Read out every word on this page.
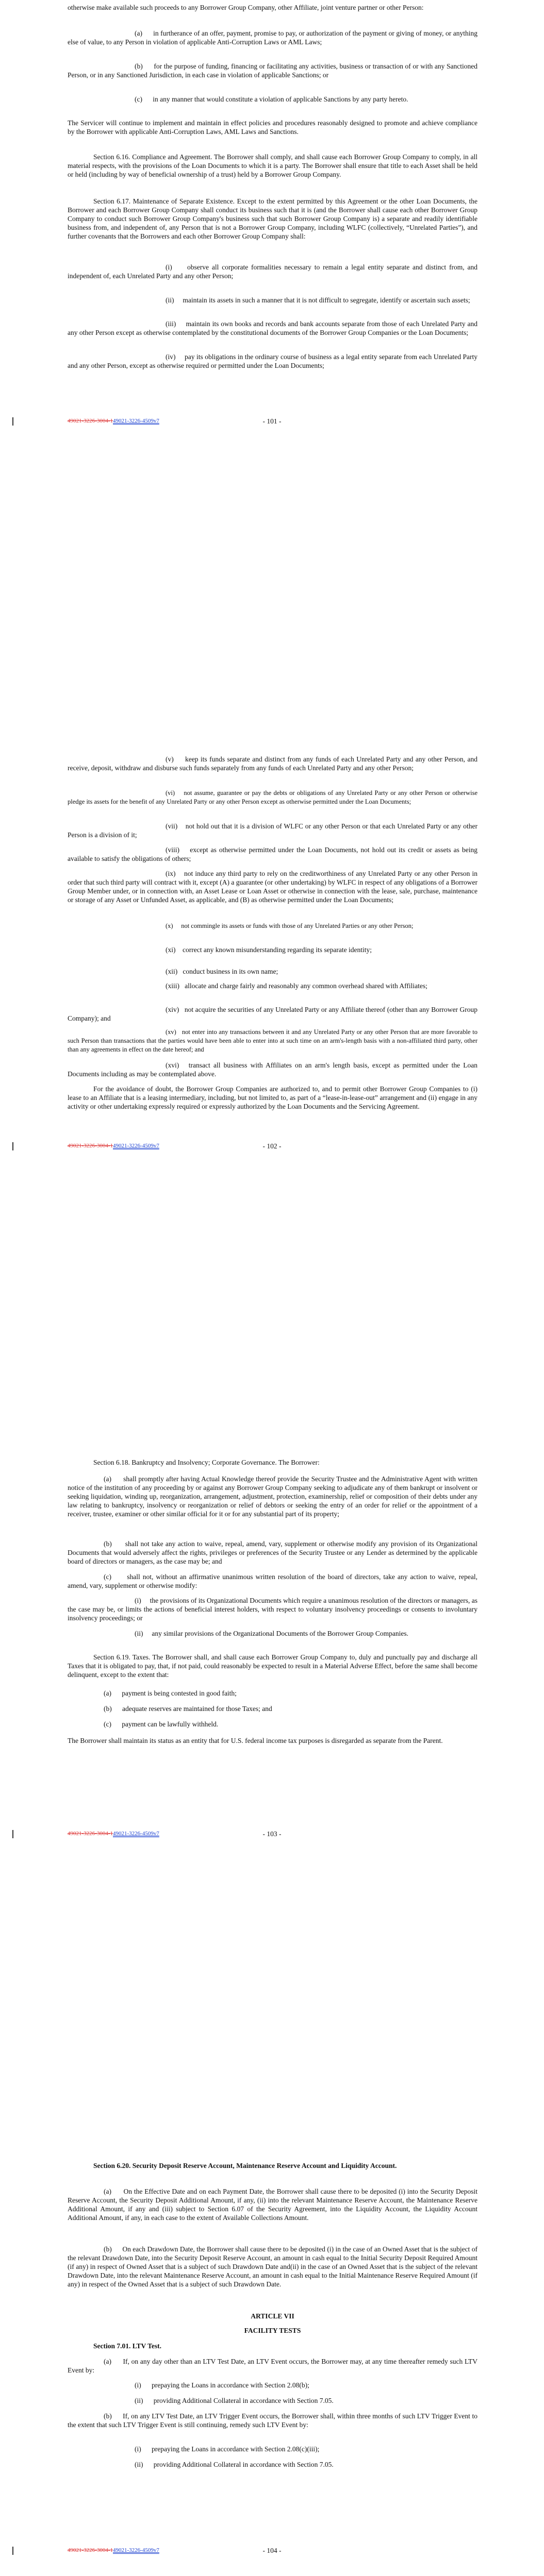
otherwise make available such proceeds to any Borrower Group Company, other Affiliate, joint venture partner or other Person:

(a)      in furtherance of an offer, payment, promise to pay, or authorization of the payment or giving of money, or anything else of value, to any Person in violation of applicable Anti-Corruption Laws or AML Laws;

(b)      for the purpose of funding, financing or facilitating any activities, business or transaction of or with any Sanctioned Person, or in any Sanctioned Jurisdiction, in each case in violation of applicable Sanctions; or

(c)      in any manner that would constitute a violation of applicable Sanctions by any party hereto.

The Servicer will continue to implement and maintain in effect policies and procedures reasonably designed to promote and achieve compliance by the Borrower with applicable Anti-Corruption Laws, AML Laws and Sanctions.

Section 6.16. Compliance and Agreement. The Borrower shall comply, and shall cause each Borrower Group Company to comply, in all material respects, with the provisions of the Loan Documents to which it is a party. The Borrower shall ensure that title to each Asset shall be held or held (including by way of beneficial ownership of a trust) held by a Borrower Group Company.

Section 6.17. Maintenance of Separate Existence. Except to the extent permitted by this Agreement or the other Loan Documents, the Borrower and each Borrower Group Company shall conduct its business such that it is (and the Borrower shall cause each other Borrower Group Company to conduct such Borrower Group Company's business such that such Borrower Group Company is) a separate and readily identifiable business from, and independent of, any Person that is not a Borrower Group Company, including WLFC (collectively, “Unrelated Parties”), and further covenants that the Borrowers and each other Borrower Group Company shall:

(i)     observe all corporate formalities necessary to remain a legal entity separate and distinct from, and independent of, each Unrelated Party and any other Person;

(ii)     maintain its assets in such a manner that it is not difficult to segregate, identify or ascertain such assets;

(iii)     maintain its own books and records and bank accounts separate from those of each Unrelated Party and any other Person except as otherwise contemplated by the constitutional documents of the Borrower Group Companies or the Loan Documents;

(iv)     pay its obligations in the ordinary course of business as a legal entity separate from each Unrelated Party and any other Person, except as otherwise required or permitted under the Loan Documents;

49021-3226-3004-149021-3226-4509v7	- 101 -

(v)     keep its funds separate and distinct from any funds of each Unrelated Party and any other Person, and receive, deposit, withdraw and disburse such funds separately from any funds of each Unrelated Party and any other Person;

(vi)    not assume, guarantee or pay the debts or obligations of any Unrelated Party or any other Person or otherwise pledge its assets for the benefit of any Unrelated Party or any other Person except as otherwise permitted under the Loan Documents;

(vii)    not hold out that it is a division of WLFC or any other Person or that each Unrelated Party or any other Person is a division of it;

(viii)    except as otherwise permitted under the Loan Documents, not hold out its credit or assets as being available to satisfy the obligations of others;

(ix)    not induce any third party to rely on the creditworthiness of any Unrelated Party or any other Person in order that such third party will contract with it, except (A) a guarantee (or other undertaking) by WLFC in respect of any obligations of a Borrower Group Member under, or in connection with, an Asset Lease or Loan Asset or otherwise in connection with the lease, sale, purchase, maintenance or storage of any Asset or Unfunded Asset, as applicable, and (B) as otherwise permitted under the Loan Documents;

(x)     not commingle its assets or funds with those of any Unrelated Parties or any other Person;

(xi)    correct any known misunderstanding regarding its separate identity;

(xii)   conduct business in its own name;

(xiii)   allocate and charge fairly and reasonably any common overhead shared with Affiliates;

(xiv)   not acquire the securities of any Unrelated Party or any Affiliate thereof (other than any Borrower Group Company); and

(xv)   not enter into any transactions between it and any Unrelated Party or any other Person that are more favorable to such Person than transactions that the parties would have been able to enter into at such time on an arm's-length basis with a non-affiliated third party, other than any agreements in effect on the date hereof; and

(xvi)   transact all business with Affiliates on an arm's length basis, except as permitted under the Loan Documents including as may be contemplated above.

For the avoidance of doubt, the Borrower Group Companies are authorized to, and to permit other Borrower Group Companies to (i) lease to an Affiliate that is a leasing intermediary, including, but not limited to, as part of a “lease-in-lease-out” arrangement and (ii) engage in any activity or other undertaking expressly required or expressly authorized by the Loan Documents and the Servicing Agreement.

49021-3226-3004-149021-3226-4509v7	- 102 -

Section 6.18. Bankruptcy and Insolvency; Corporate Governance. The Borrower:

(a)      shall promptly after having Actual Knowledge thereof provide the Security Trustee and the Administrative Agent with written notice of the institution of any proceeding by or against any Borrower Group Company seeking to adjudicate any of them bankrupt or insolvent or seeking liquidation, winding up, reorganization, arrangement, adjustment, protection, examinership, relief or composition of their debts under any law relating to bankruptcy, insolvency or reorganization or relief of debtors or seeking the entry of an order for relief or the appointment of a receiver, trustee, examiner or other similar official for it or for any substantial part of its property;

(b)      shall not take any action to waive, repeal, amend, vary, supplement or otherwise modify any provision of its Organizational Documents that would adversely affect the rights, privileges or preferences of the Security Trustee or any Lender as determined by the applicable board of directors or managers, as the case may be; and

(c)      shall not, without an affirmative unanimous written resolution of the board of directors, take any action to waive, repeal, amend, vary, supplement or otherwise modify:

(i)     the provisions of its Organizational Documents which require a unanimous resolution of the directors or managers, as the case may be, or limits the actions of beneficial interest holders, with respect to voluntary insolvency proceedings or consents to involuntary insolvency proceedings; or

(ii)     any similar provisions of the Organizational Documents of the Borrower Group Companies.

Section 6.19. Taxes. The Borrower shall, and shall cause each Borrower Group Company to, duly and punctually pay and discharge all Taxes that it is obligated to pay, that, if not paid, could reasonably be expected to result in a Material Adverse Effect, before the same shall become delinquent, except to the extent that:

(a)      payment is being contested in good faith;

(b)      adequate reserves are maintained for those Taxes; and

(c)      payment can be lawfully withheld.

The Borrower shall maintain its status as an entity that for U.S. federal income tax purposes is disregarded as separate from the Parent.

49021-3226-3004-149021-3226-4509v7	- 103 -

Section 6.20. Security Deposit Reserve Account, Maintenance Reserve Account and Liquidity Account.

(a)      On the Effective Date and on each Payment Date, the Borrower shall cause there to be deposited (i) into the Security Deposit Reserve Account, the Security Deposit Additional Amount, if any, (ii) into the relevant Maintenance Reserve Account, the Maintenance Reserve Additional Amount, if any and (iii) subject to Section 6.07 of the Security Agreement, into the Liquidity Account, the Liquidity Account Additional Amount, if any, in each case to the extent of Available Collections Amount.

(b)      On each Drawdown Date, the Borrower shall cause there to be deposited (i) in the case of an Owned Asset that is the subject of the relevant Drawdown Date, into the Security Deposit Reserve Account, an amount in cash equal to the Initial Security Deposit Required Amount (if any) in respect of Owned Asset that is a subject of such Drawdown Date and(ii) in the case of an Owned Asset that is the subject of the relevant Drawdown Date, into the relevant Maintenance Reserve Account, an amount in cash equal to the Initial Maintenance Reserve Required Amount (if any) in respect of the Owned Asset that is a subject of such Drawdown Date.

ARTICLE VII

FACILITY TESTS

Section 7.01. LTV Test.

(a)      If, on any day other than an LTV Test Date, an LTV Event occurs, the Borrower may, at any time thereafter remedy such LTV Event by:

(i)      prepaying the Loans in accordance with Section 2.08(b);

(ii)      providing Additional Collateral in accordance with Section 7.05.

(b)      If, on any LTV Test Date, an LTV Trigger Event occurs, the Borrower shall, within three months of such LTV Trigger Event to the extent that such LTV Trigger Event is still continuing, remedy such LTV Event by:

(i)      prepaying the Loans in accordance with Section 2.08(c)(iii);

(ii)      providing Additional Collateral in accordance with Section 7.05.

49021-3226-3004-149021-3226-4509v7	- 104 -
